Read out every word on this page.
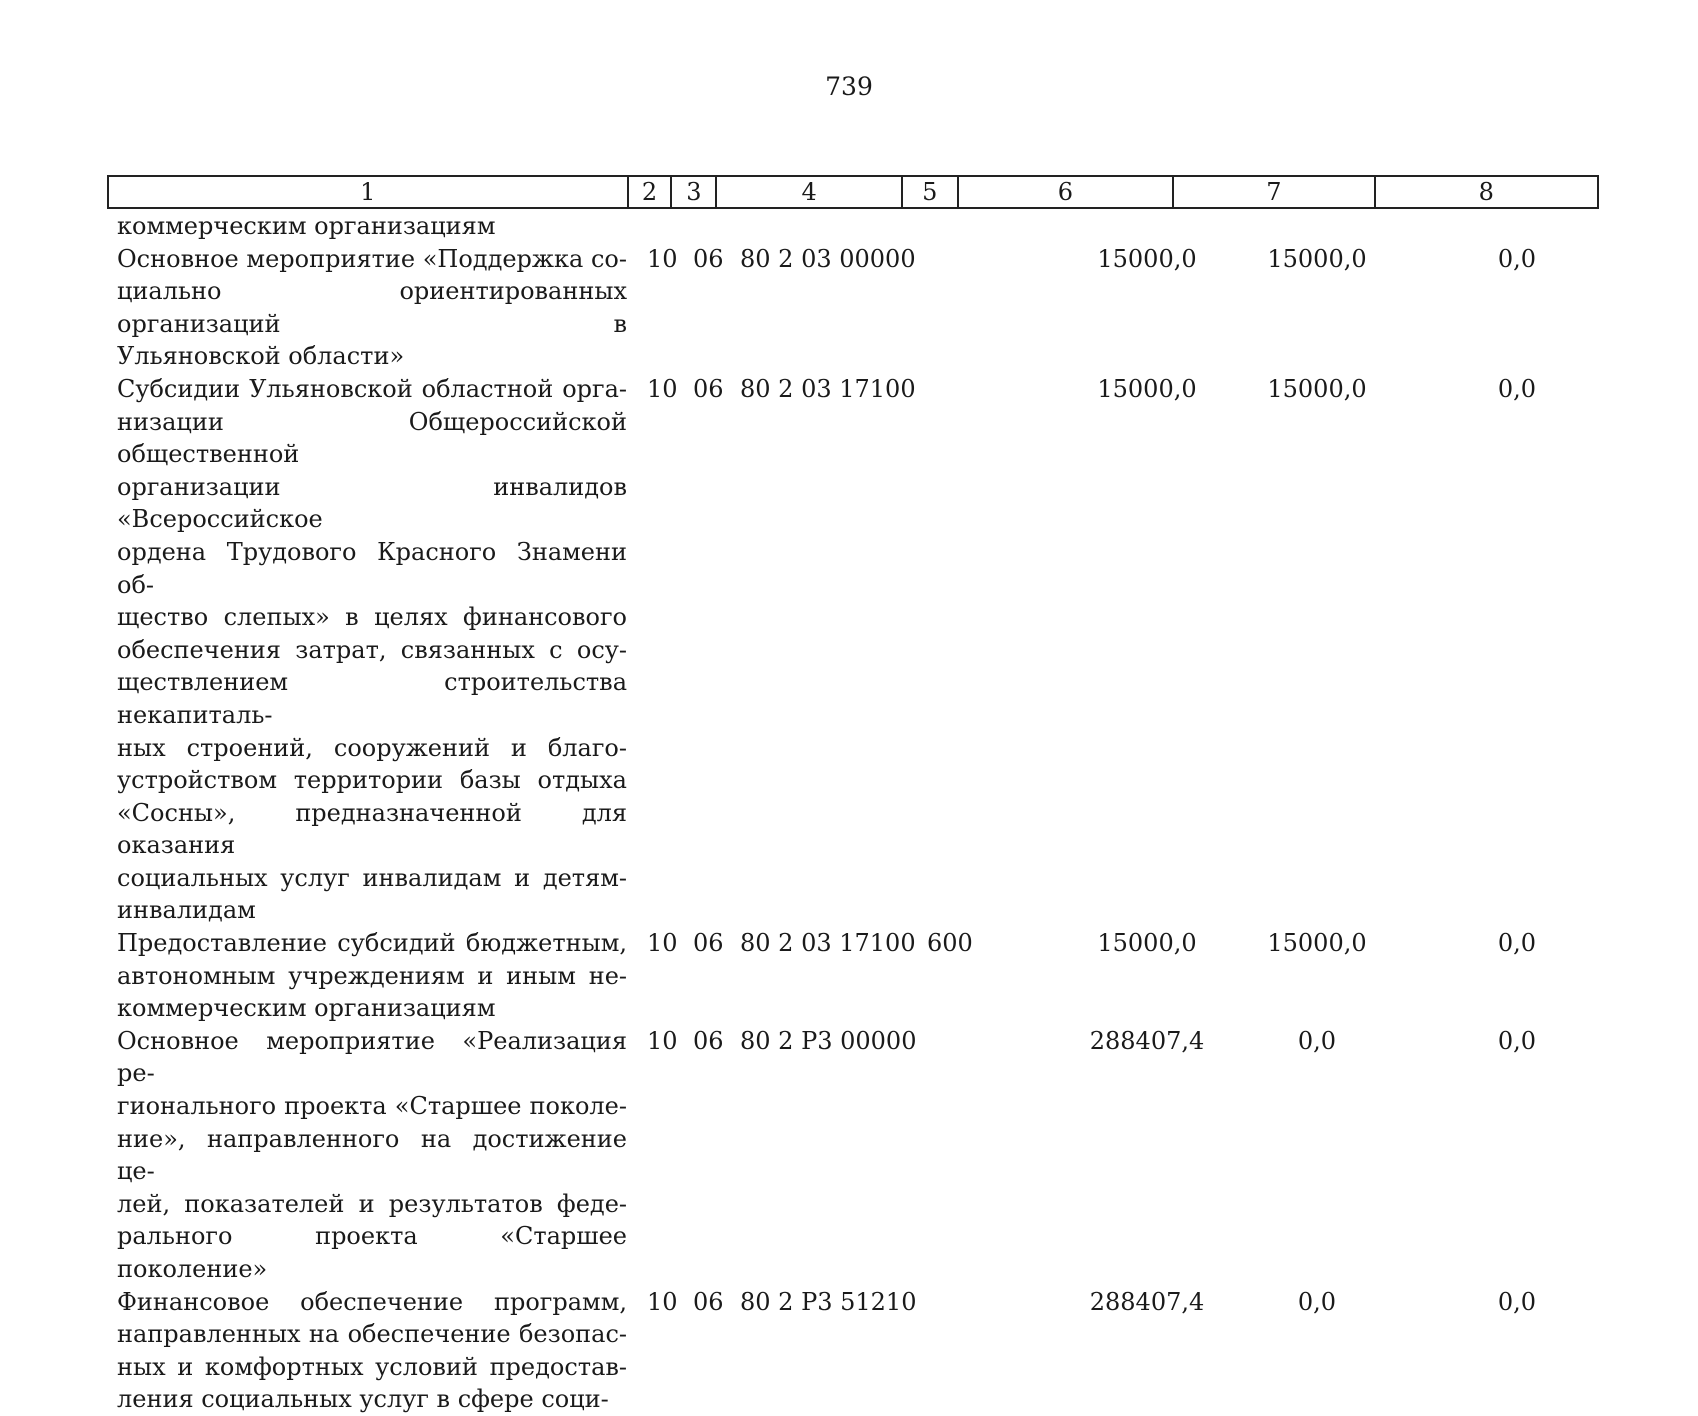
739
1	2	3	4	5	6	7	8
коммерческим организациям
Основное мероприятие «Поддержка со-
циально ориентированных организаций в
Ульяновской области»
10 06 80 2 03 00000	15000,0	15000,0	0,0
Субсидии Ульяновской областной орга-
низации Общероссийской общественной
организации инвалидов «Всероссийское
ордена Трудового Красного Знамени об-
щество слепых» в целях финансового
обеспечения затрат, связанных с осу-
ществлением строительства некапиталь-
ных строений, сооружений и благо-
устройством территории базы отдыха
«Сосны», предназначенной для оказания
социальных услуг инвалидам и детям-
инвалидам
10 06 80 2 03 17100	15000,0	15000,0	0,0
Предоставление субсидий бюджетным,
автономным учреждениям и иным не-
коммерческим организациям
10 06 80 2 03 17100 600	15000,0	15000,0	0,0
Основное мероприятие «Реализация ре-
гионального проекта «Старшее поколе-
ние», направленного на достижение це-
лей, показателей и результатов феде-
рального проекта «Старшее поколение»
10 06 80 2 Р3 00000	288407,4	0,0	0,0
Финансовое обеспечение программ,
направленных на обеспечение безопас-
ных и комфортных условий предостав-
ления социальных услуг в сфере соци-
10 06 80 2 Р3 51210	288407,4	0,0	0,0
